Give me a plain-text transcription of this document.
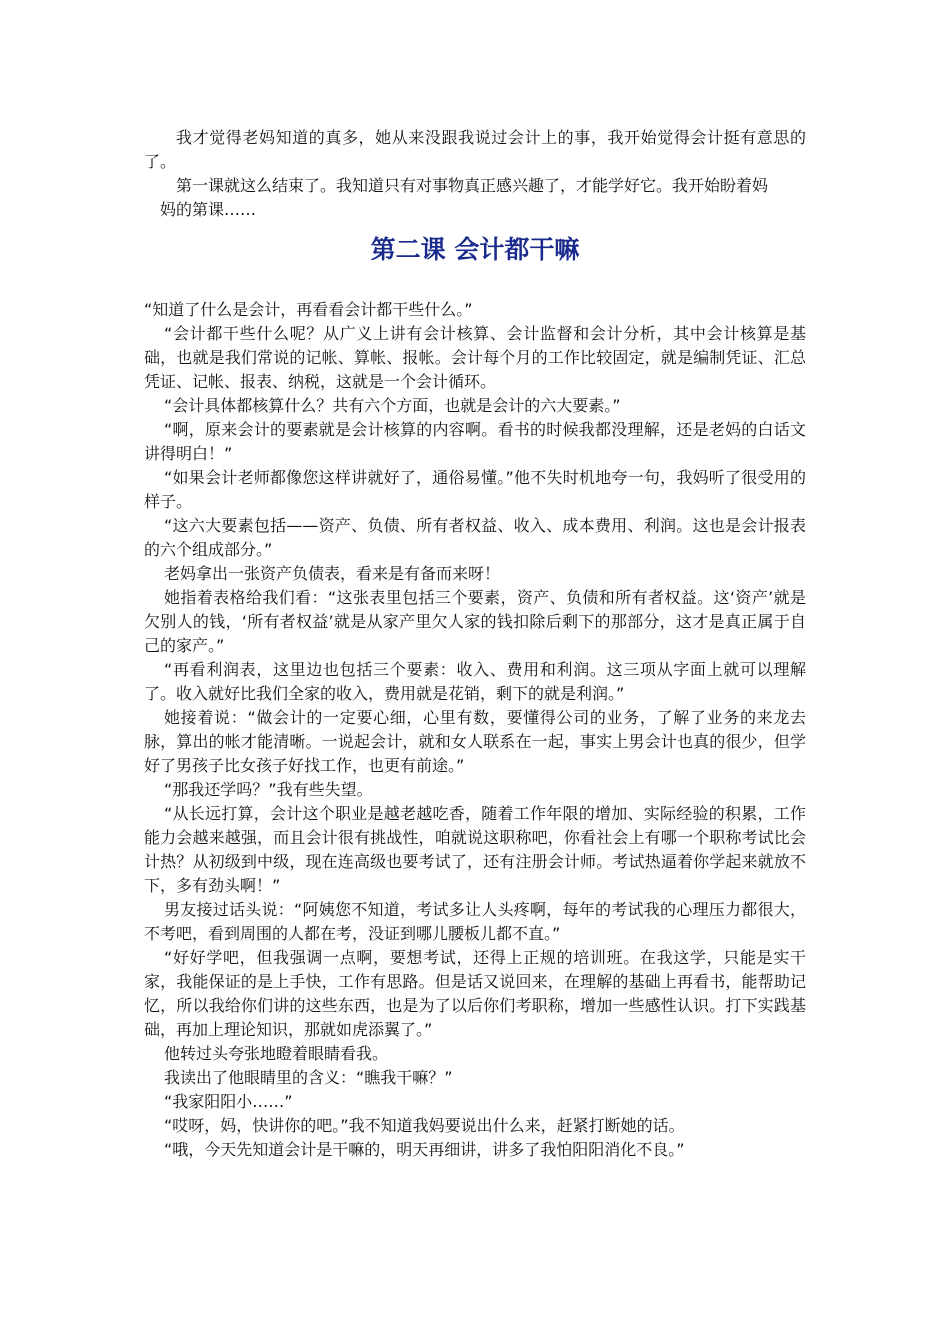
我才觉得老妈知道的真多，她从来没跟我说过会计上的事，我开始觉得会计挺有意思的了。

第一课就这么结束了。我知道只有对事物真正感兴趣了，才能学好它。我开始盼着妈
妈的第课……

第二课 会计都干嘛

“知道了什么是会计，再看看会计都干些什么。”

“会计都干些什么呢？从广义上讲有会计核算、会计监督和会计分析，其中会计核算是基础，也就是我们常说的记帐、算帐、报帐。会计每个月的工作比较固定，就是编制凭证、汇总凭证、记帐、报表、纳税，这就是一个会计循环。

“会计具体都核算什么？共有六个方面，也就是会计的六大要素。”

“啊，原来会计的要素就是会计核算的内容啊。看书的时候我都没理解，还是老妈的白话文讲得明白！”

“如果会计老师都像您这样讲就好了，通俗易懂。”他不失时机地夸一句，我妈听了很受用的样子。

“这六大要素包括——资产、负债、所有者权益、收入、成本费用、利润。这也是会计报表的六个组成部分。”

老妈拿出一张资产负债表，看来是有备而来呀！

她指着表格给我们看：“这张表里包括三个要素，资产、负债和所有者权益。这‘资产’就是欠别人的钱，‘所有者权益’就是从家产里欠人家的钱扣除后剩下的那部分，这才是真正属于自己的家产。”

“再看利润表，这里边也包括三个要素：收入、费用和利润。这三项从字面上就可以理解了。收入就好比我们全家的收入，费用就是花销，剩下的就是利润。”

她接着说：“做会计的一定要心细，心里有数，要懂得公司的业务，了解了业务的来龙去脉，算出的帐才能清晰。一说起会计，就和女人联系在一起，事实上男会计也真的很少，但学好了男孩子比女孩子好找工作，也更有前途。”

“那我还学吗？”我有些失望。

“从长远打算，会计这个职业是越老越吃香，随着工作年限的增加、实际经验的积累，工作能力会越来越强，而且会计很有挑战性，咱就说这职称吧，你看社会上有哪一个职称考试比会计热？从初级到中级，现在连高级也要考试了，还有注册会计师。考试热逼着你学起来就放不下，多有劲头啊！”

男友接过话头说：“阿姨您不知道，考试多让人头疼啊，每年的考试我的心理压力都很大，不考吧，看到周围的人都在考，没证到哪儿腰板儿都不直。”

“好好学吧，但我强调一点啊，要想考试，还得上正规的培训班。在我这学，只能是实干家，我能保证的是上手快，工作有思路。但是话又说回来，在理解的基础上再看书，能帮助记忆，所以我给你们讲的这些东西，也是为了以后你们考职称，增加一些感性认识。打下实践基础，再加上理论知识，那就如虎添翼了。”

他转过头夸张地瞪着眼睛看我。

我读出了他眼睛里的含义：“瞧我干嘛？”

“我家阳阳小……”

“哎呀，妈，快讲你的吧。”我不知道我妈要说出什么来，赶紧打断她的话。

“哦，今天先知道会计是干嘛的，明天再细讲，讲多了我怕阳阳消化不良。”
